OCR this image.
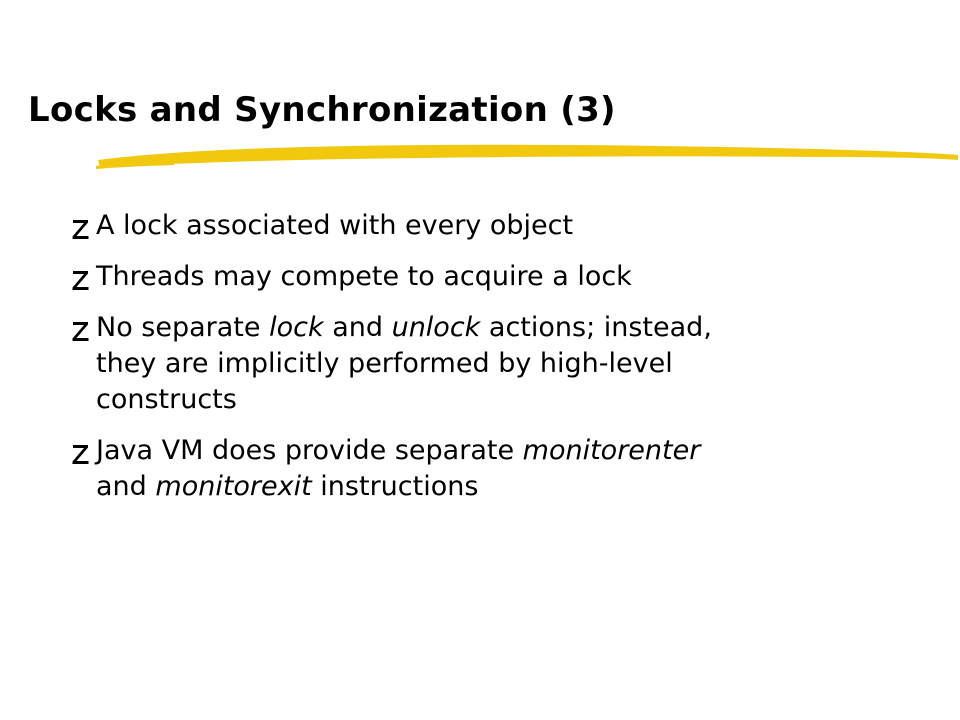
Locks and Synchronization (3)
A lock associated with every object
Threads may compete to acquire a lock
No separate lock and unlock actions; instead,
they are implicitly performed by high-level
constructs
Java VM does provide separate monitorenter
and monitorexit instructions
